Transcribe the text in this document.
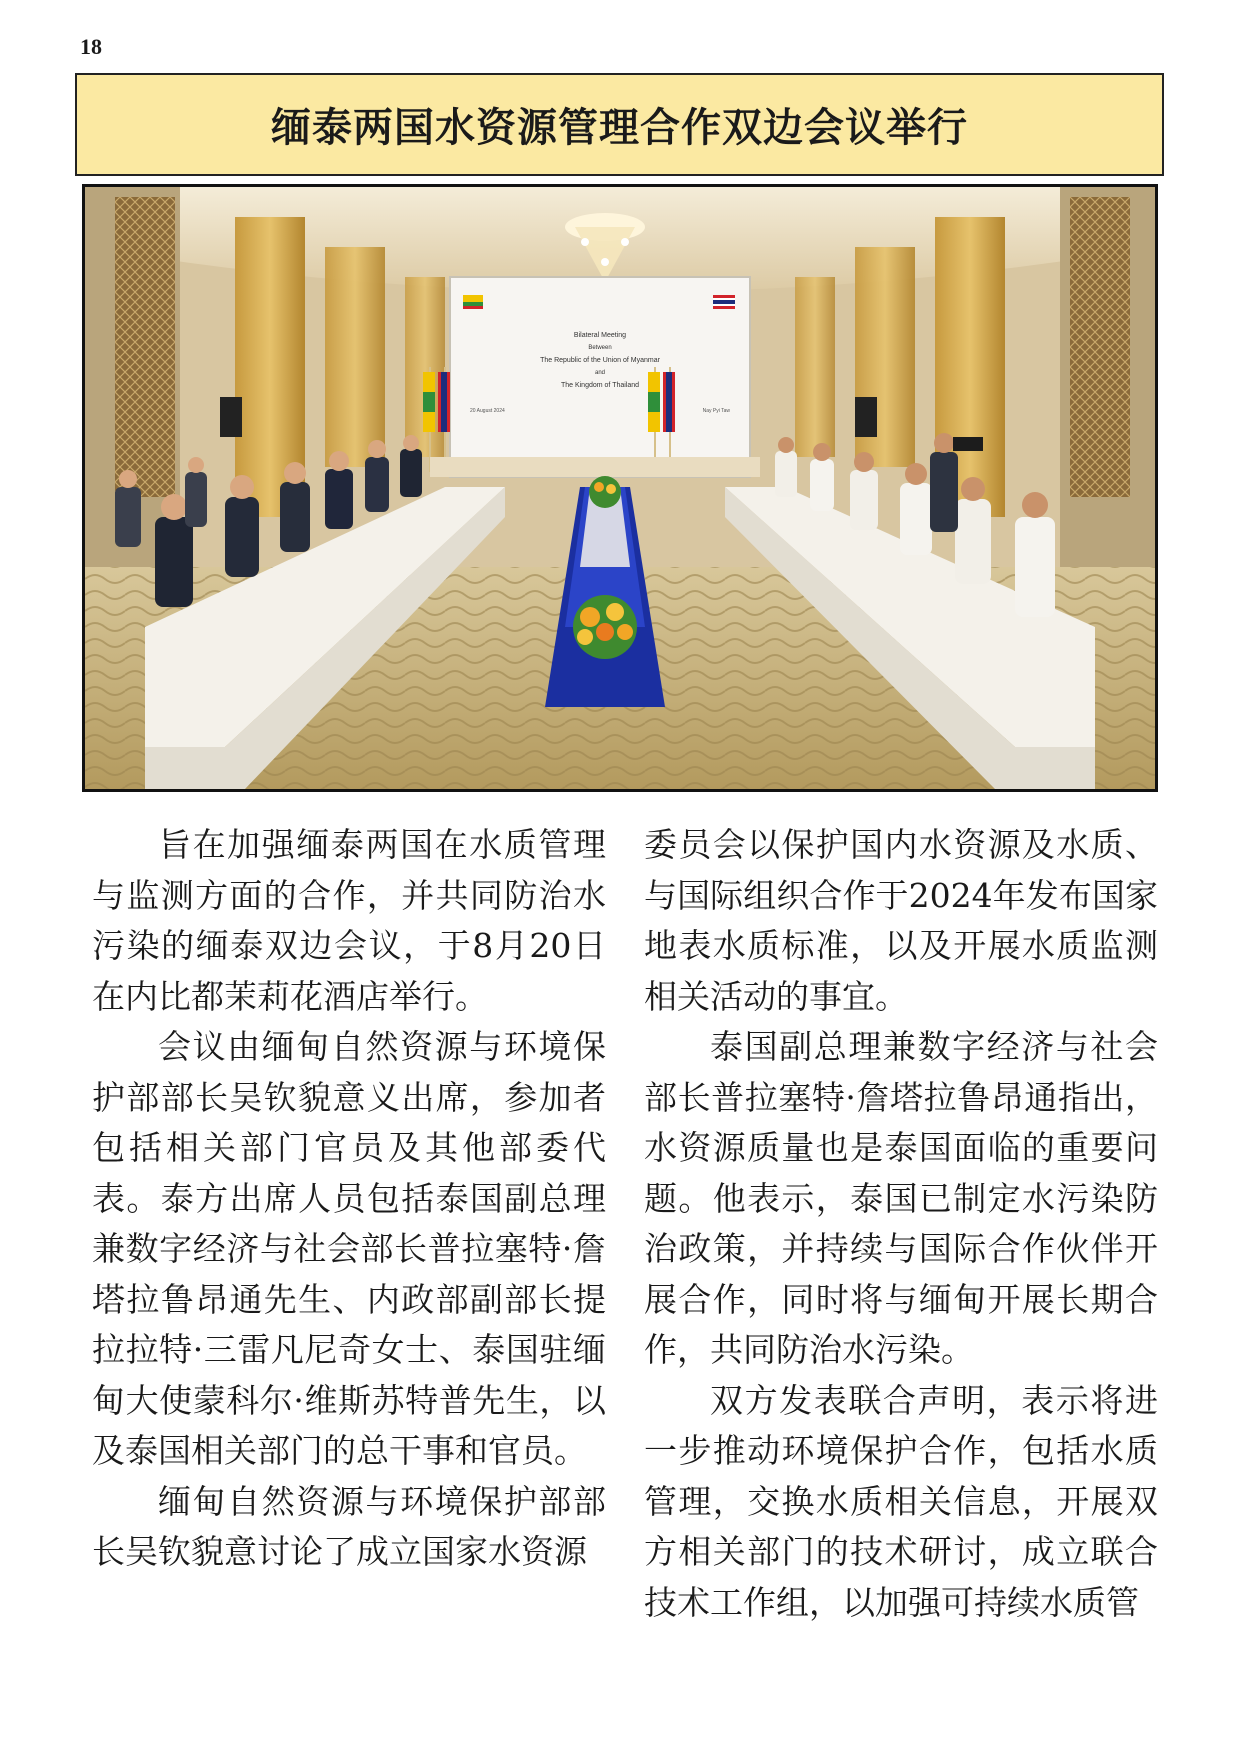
18
缅泰两国水资源管理合作双边会议举行
Bilateral Meeting
Between
The Republic of the Union of Myanmar
and
The Kingdom of Thailand
20 August 2024	Nay Pyi Taw

旨在加强缅泰两国在水质管理与监测方面的合作，并共同防治水污染的缅泰双边会议，于8月20日在内比都茉莉花酒店举行。

会议由缅甸自然资源与环境保护部部长吴钦貌意义出席，参加者包括相关部门官员及其他部委代表。泰方出席人员包括泰国副总理兼数字经济与社会部长普拉塞特·詹塔拉鲁昂通先生、内政部副部长提拉拉特·三雷凡尼奇女士、泰国驻缅甸大使蒙科尔·维斯苏特普先生，以及泰国相关部门的总干事和官员。

缅甸自然资源与环境保护部部长吴钦貌意讨论了成立国家水资源

委员会以保护国内水资源及水质、与国际组织合作于2024年发布国家地表水质标准，以及开展水质监测相关活动的事宜。

泰国副总理兼数字经济与社会部长普拉塞特·詹塔拉鲁昂通指出，水资源质量也是泰国面临的重要问题。他表示，泰国已制定水污染防治政策，并持续与国际合作伙伴开展合作，同时将与缅甸开展长期合作，共同防治水污染。

双方发表联合声明，表示将进一步推动环境保护合作，包括水质管理，交换水质相关信息，开展双方相关部门的技术研讨，成立联合技术工作组，以加强可持续水质管
